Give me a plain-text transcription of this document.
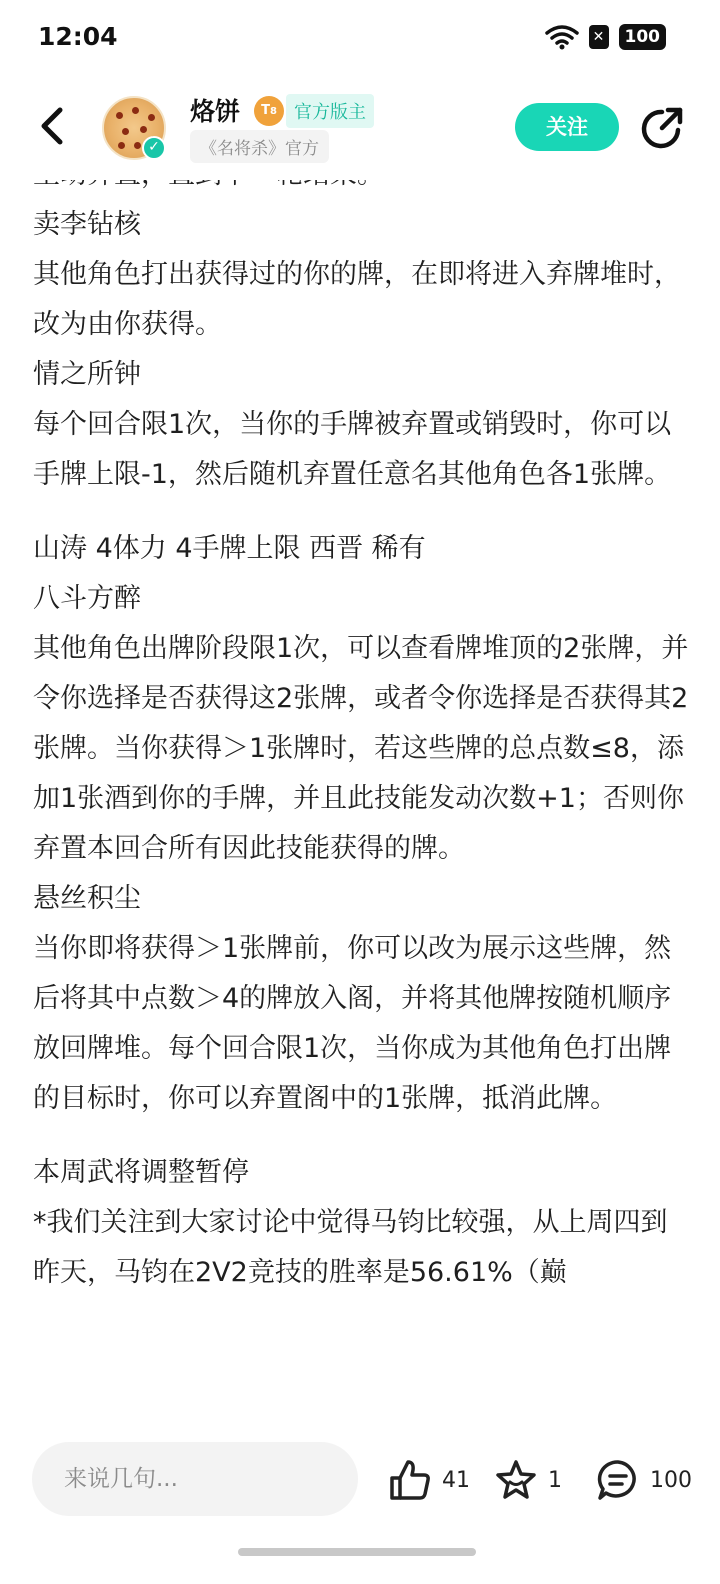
12:04	✕	100
✓
烙饼	T8 官方版主
《名将杀》官方
关注

卖李钻核

其他角色打出获得过的你的牌，在即将进入弃牌堆时，改为由你获得。

情之所钟

每个回合限1次，当你的手牌被弃置或销毁时，你可以手牌上限-1，然后随机弃置任意名其他角色各1张牌。

山涛 4体力 4手牌上限 西晋 稀有

八斗方醉

其他角色出牌阶段限1次，可以查看牌堆顶的2张牌，并令你选择是否获得这2张牌，或者令你选择是否获得其2张牌。当你获得＞1张牌时，若这些牌的总点数≤8，添加1张酒到你的手牌，并且此技能发动次数+1；否则你弃置本回合所有因此技能获得的牌。

悬丝积尘

当你即将获得＞1张牌前，你可以改为展示这些牌，然后将其中点数＞4的牌放入阁，并将其他牌按随机顺序放回牌堆。每个回合限1次，当你成为其他角色打出牌的目标时，你可以弃置阁中的1张牌，抵消此牌。

本周武将调整暂停

*我们关注到大家讨论中觉得马钧比较强，从上周四到昨天，马钧在2V2竞技的胜率是56.61%（巅

来说几句...	41	1	100
